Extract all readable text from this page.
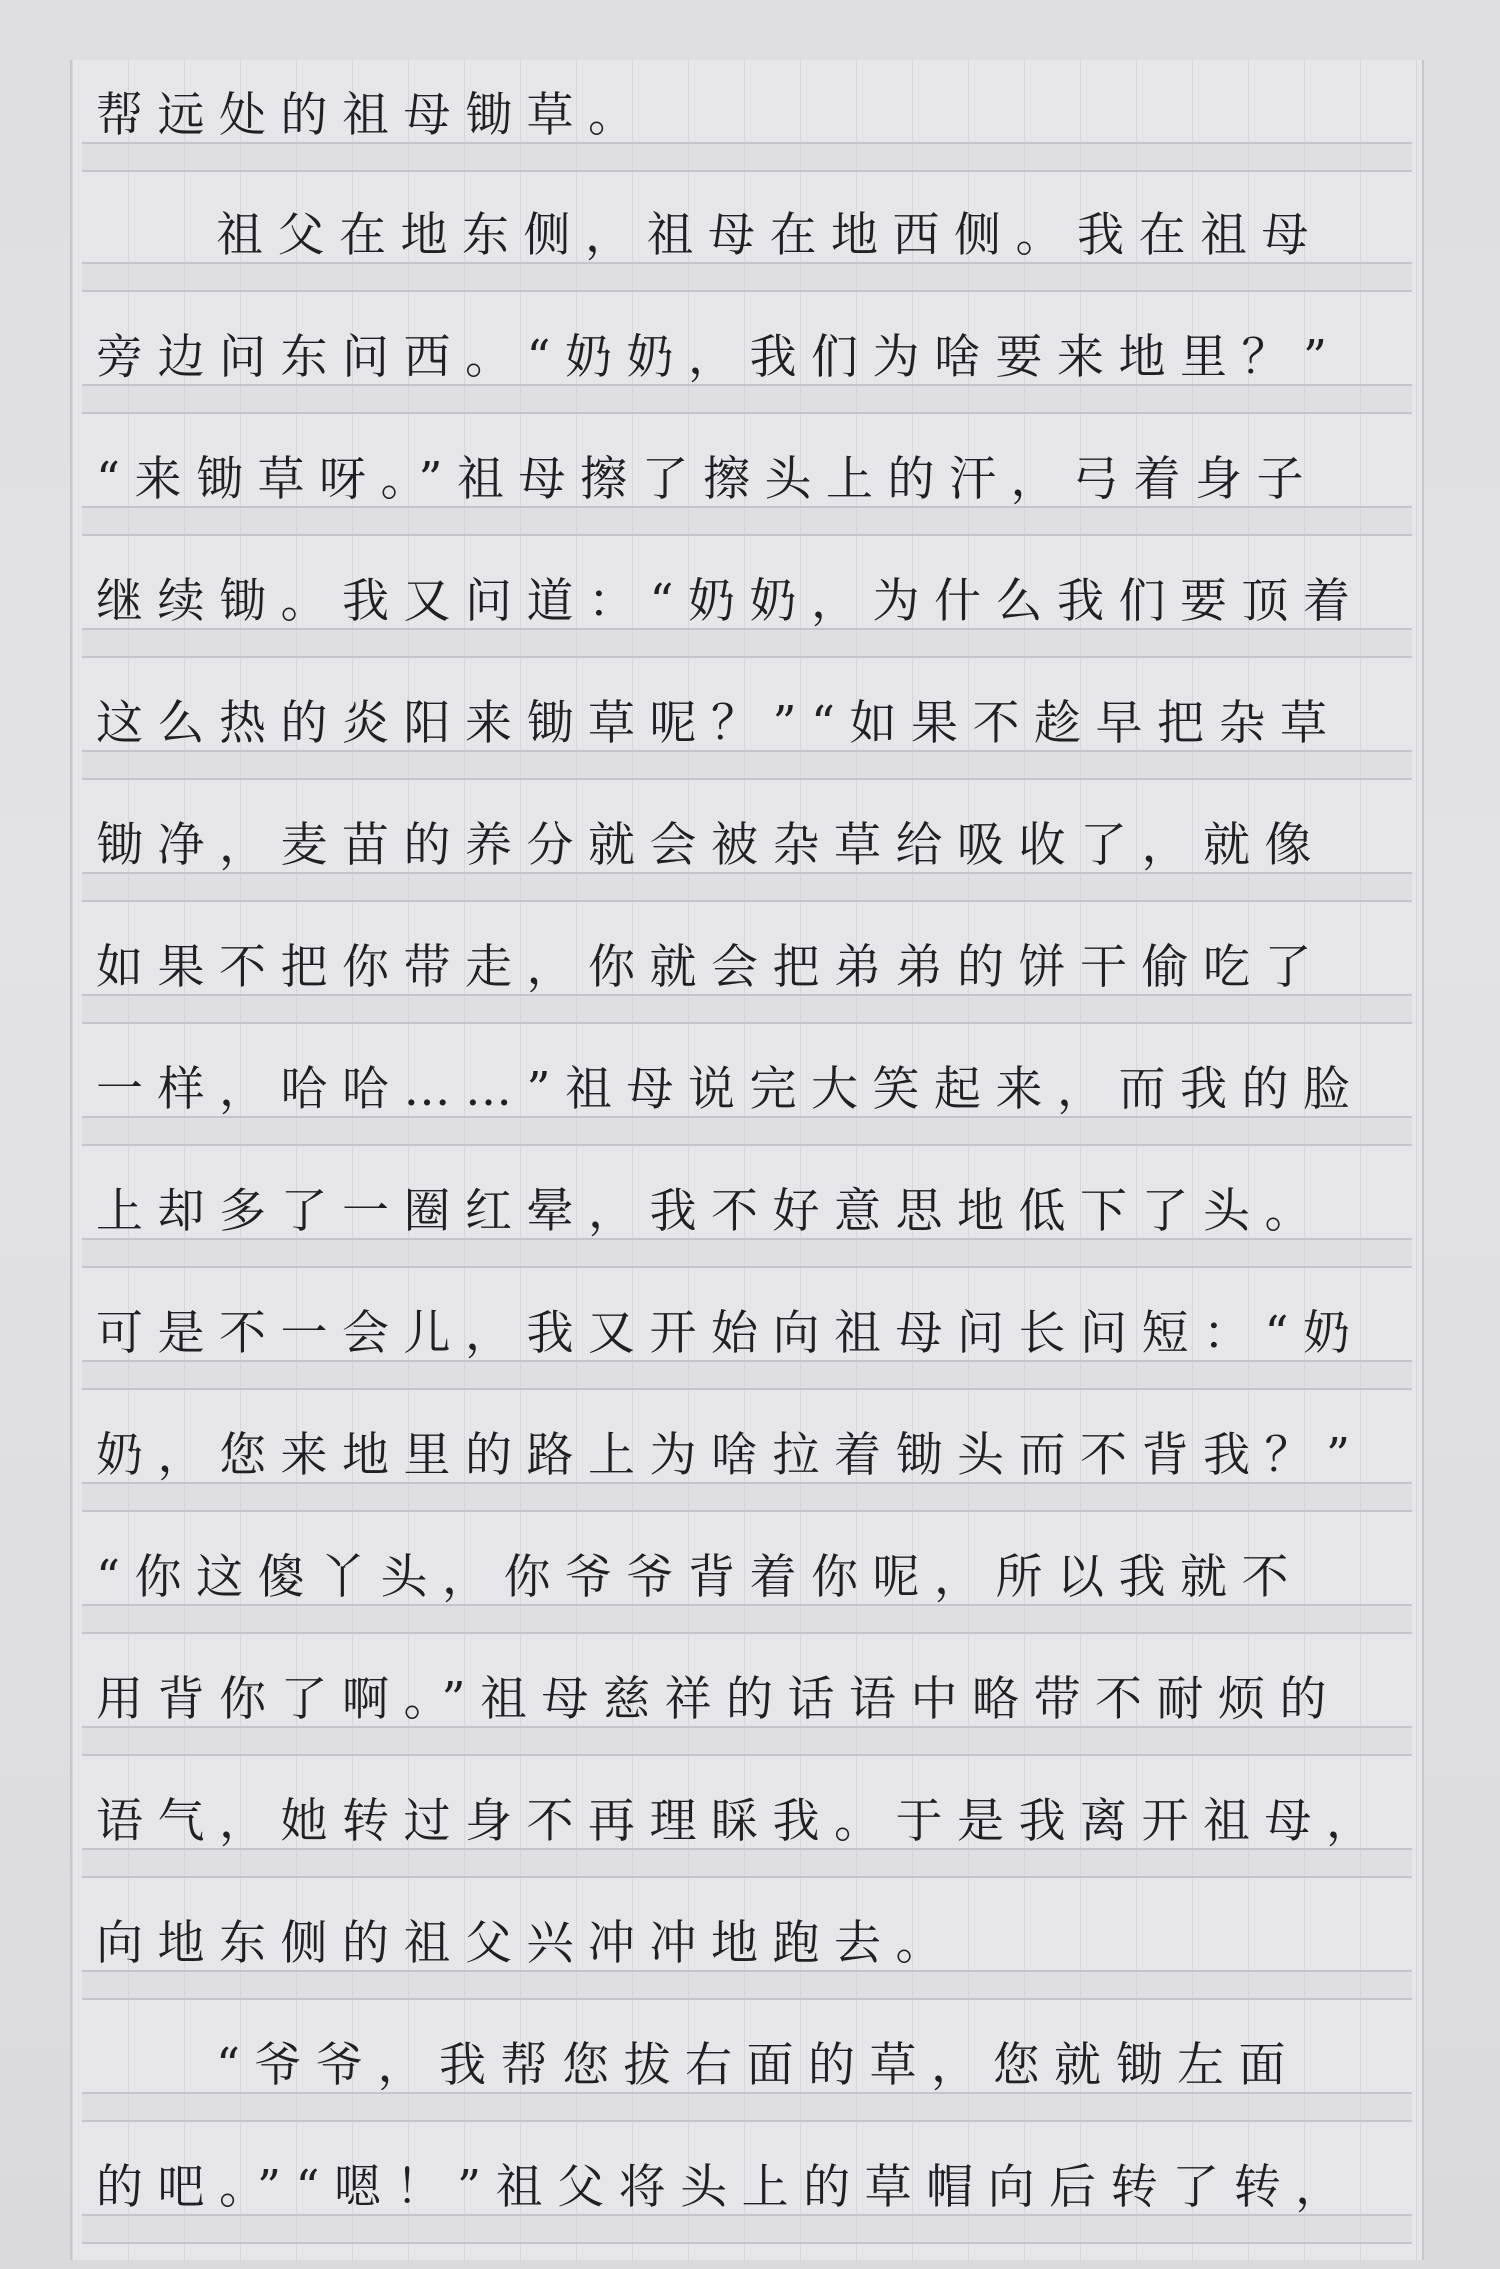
帮远处的祖母锄草。
祖父在地东侧，祖母在地西侧。我在祖母
旁边问东问西。“奶奶，我们为啥要来地里？”
“来锄草呀。”祖母擦了擦头上的汗，弓着身子
继续锄。我又问道：“奶奶，为什么我们要顶着
这么热的炎阳来锄草呢？”“如果不趁早把杂草
锄净，麦苗的养分就会被杂草给吸收了，就像
如果不把你带走，你就会把弟弟的饼干偷吃了
一样，哈哈……”祖母说完大笑起来，而我的脸
上却多了一圈红晕，我不好意思地低下了头。
可是不一会儿，我又开始向祖母问长问短：“奶
奶，您来地里的路上为啥拉着锄头而不背我？”
“你这傻丫头，你爷爷背着你呢，所以我就不
用背你了啊。”祖母慈祥的话语中略带不耐烦的
语气，她转过身不再理睬我。于是我离开祖母，
向地东侧的祖父兴冲冲地跑去。
“爷爷，我帮您拔右面的草，您就锄左面
的吧。”“嗯！”祖父将头上的草帽向后转了转，
